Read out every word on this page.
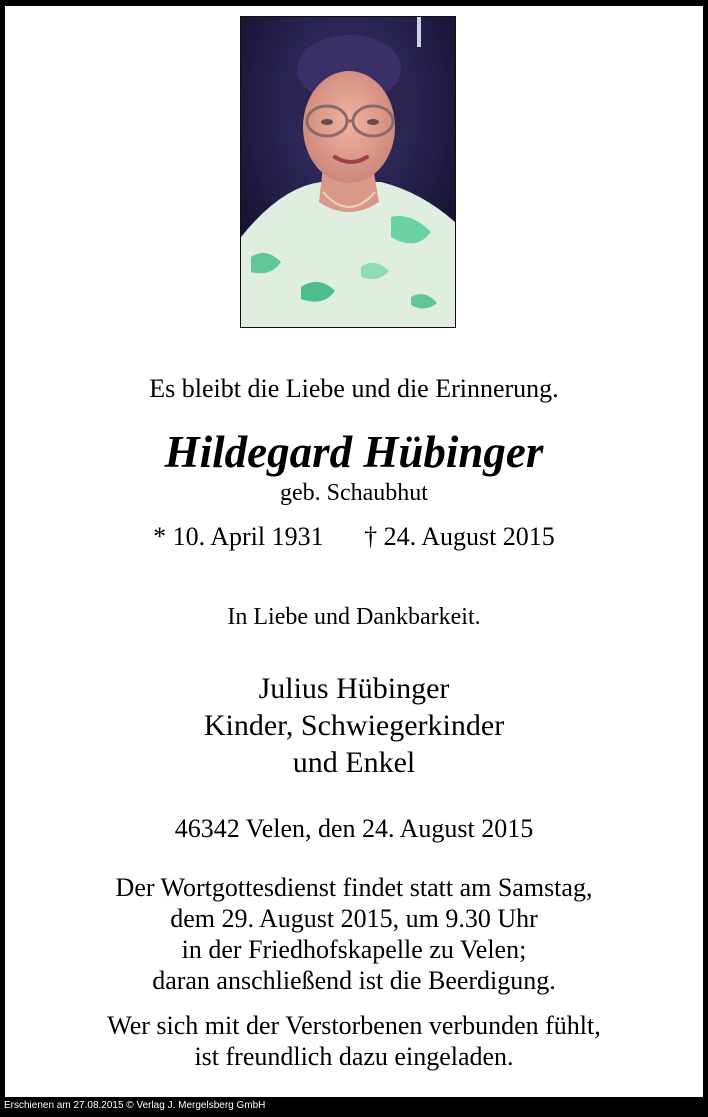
Es bleibt die Liebe und die Erinnerung.
Hildegard Hübinger
geb. Schaubhut
* 10. April 1931 † 24. August 2015
In Liebe und Dankbarkeit.
Julius Hübinger
Kinder, Schwiegerkinder
und Enkel
46342 Velen, den 24. August 2015
Der Wortgottesdienst findet statt am Samstag,
dem 29. August 2015, um 9.30 Uhr
in der Friedhofskapelle zu Velen;
daran anschließend ist die Beerdigung.
Wer sich mit der Verstorbenen verbunden fühlt,
ist freundlich dazu eingeladen.
Erschienen am 27.08.2015 © Verlag J. Mergelsberg GmbH
